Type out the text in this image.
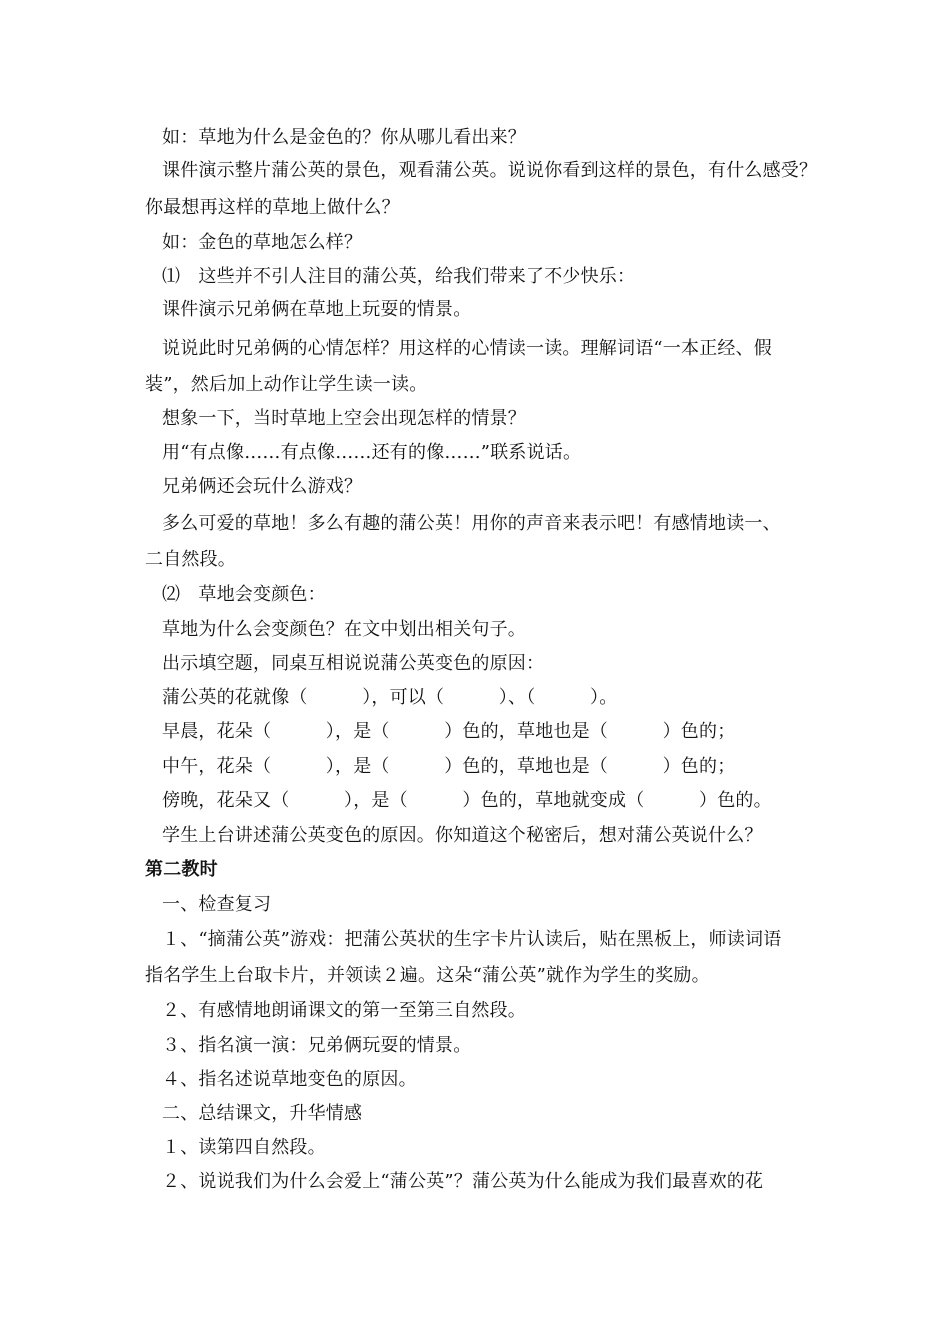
如：草地为什么是金色的？你从哪儿看出来？
课件演示整片蒲公英的景色，观看蒲公英。说说你看到这样的景色，有什么感受？
你最想再这样的草地上做什么？
如：金色的草地怎么样？
⑴　这些并不引人注目的蒲公英，给我们带来了不少快乐：
课件演示兄弟俩在草地上玩耍的情景。
说说此时兄弟俩的心情怎样？用这样的心情读一读。理解词语“一本正经、假
装”，然后加上动作让学生读一读。
想象一下，当时草地上空会出现怎样的情景？
用“有点像……有点像……还有的像……”联系说话。
兄弟俩还会玩什么游戏？
多么可爱的草地！多么有趣的蒲公英！用你的声音来表示吧！有感情地读一、
二自然段。
⑵　草地会变颜色：
草地为什么会变颜色？在文中划出相关句子。
出示填空题，同桌互相说说蒲公英变色的原因：
蒲公英的花就像（　　　），可以（　　　）、（　　　）。
早晨，花朵（　　　），是（　　　）色的，草地也是（　　　）色的；
中午，花朵（　　　），是（　　　）色的，草地也是（　　　）色的；
傍晚，花朵又（　　　），是（　　　）色的，草地就变成（　　　）色的。
学生上台讲述蒲公英变色的原因。你知道这个秘密后，想对蒲公英说什么？
第二教时
一、检查复习
１、“摘蒲公英”游戏：把蒲公英状的生字卡片认读后，贴在黑板上，师读词语
指名学生上台取卡片，并领读２遍。这朵“蒲公英”就作为学生的奖励。
２、有感情地朗诵课文的第一至第三自然段。
３、指名演一演：兄弟俩玩耍的情景。
４、指名述说草地变色的原因。
二、总结课文，升华情感
１、读第四自然段。
２、说说我们为什么会爱上“蒲公英”？蒲公英为什么能成为我们最喜欢的花
